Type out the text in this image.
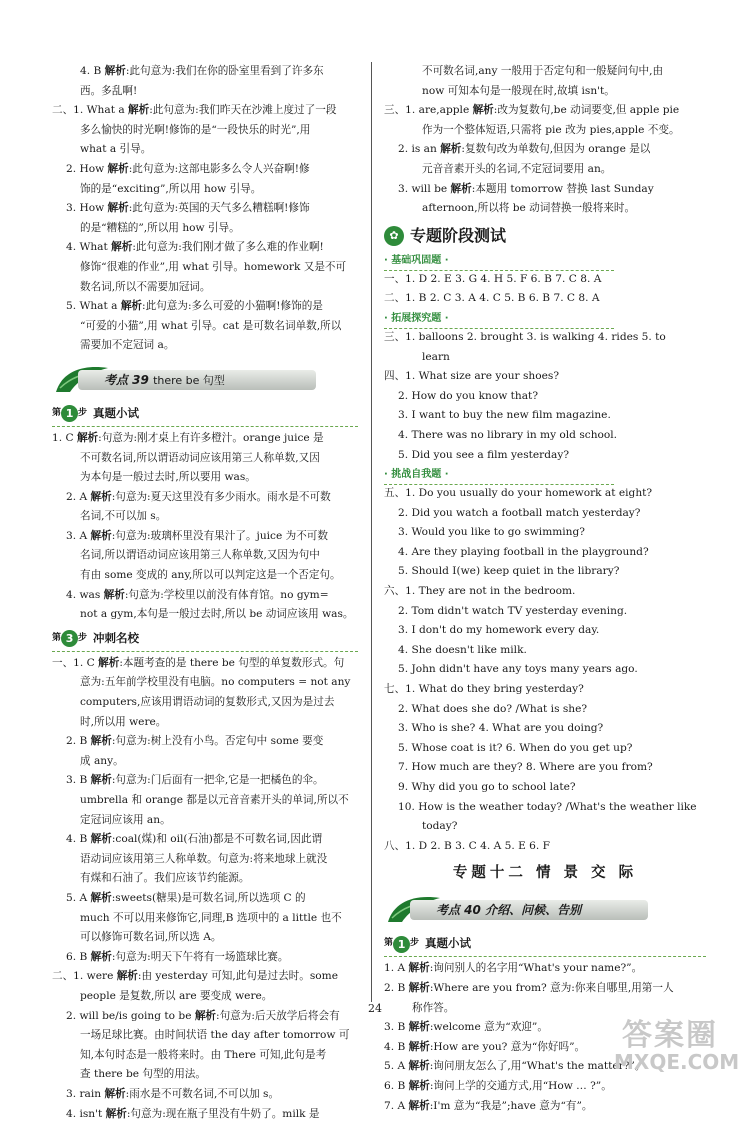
4. B 解析:此句意为:我们在你的卧室里看到了许多东
西。多乱啊!
二、1. What a 解析:此句意为:我们昨天在沙滩上度过了一段
多么愉快的时光啊!修饰的是“一段快乐的时光”,用
what a 引导。
2. How 解析:此句意为:这部电影多么令人兴奋啊!修
饰的是“exciting”,所以用 how 引导。
3. How 解析:此句意为:英国的天气多么糟糕啊!修饰
的是“糟糕的”,所以用 how 引导。
4. What 解析:此句意为:我们刚才做了多么难的作业啊!
修饰“很难的作业”,用 what 引导。homework 又是不可
数名词,所以不需要加冠词。
5. What a 解析:此句意为:多么可爱的小猫啊!修饰的是
“可爱的小猫”,用 what 引导。cat 是可数名词单数,所以
需要加不定冠词 a。
考点 39 there be 句型
第 1 步 真题小试
1. C 解析:句意为:刚才桌上有许多橙汁。orange juice 是
不可数名词,所以谓语动词应该用第三人称单数,又因
为本句是一般过去时,所以要用 was。
2. A 解析:句意为:夏天这里没有多少雨水。雨水是不可数
名词,不可以加 s。
3. A 解析:句意为:玻璃杯里没有果汁了。juice 为不可数
名词,所以谓语动词应该用第三人称单数,又因为句中
有由 some 变成的 any,所以可以判定这是一个否定句。
4. was 解析:句意为:学校里以前没有体育馆。no gym=
not a gym,本句是一般过去时,所以 be 动词应该用 was。
第 3 步 冲刺名校
一、1. C 解析:本题考查的是 there be 句型的单复数形式。句
意为:五年前学校里没有电脑。no computers = not any
computers,应该用谓语动词的复数形式,又因为是过去
时,所以用 were。
2. B 解析:句意为:树上没有小鸟。否定句中 some 要变
成 any。
3. B 解析:句意为:门后面有一把伞,它是一把橘色的伞。
umbrella 和 orange 都是以元音音素开头的单词,所以不
定冠词应该用 an。
4. B 解析:coal(煤)和 oil(石油)都是不可数名词,因此谓
语动词应该用第三人称单数。句意为:将来地球上就没
有煤和石油了。我们应该节约能源。
5. A 解析:sweets(糖果)是可数名词,所以选项 C 的
much 不可以用来修饰它,同理,B 选项中的 a little 也不
可以修饰可数名词,所以选 A。
6. B 解析:句意为:明天下午将有一场篮球比赛。
二、1. were 解析:由 yesterday 可知,此句是过去时。some
people 是复数,所以 are 要变成 were。
2. will be/is going to be 解析:句意为:后天放学后将会有
一场足球比赛。由时间状语 the day after tomorrow 可
知,本句时态是一般将来时。由 There 可知,此句是考
查 there be 句型的用法。
3. rain 解析:雨水是不可数名词,不可以加 s。
4. isn't 解析:句意为:现在瓶子里没有牛奶了。milk 是
不可数名词,any 一般用于否定句和一般疑问句中,由
now 可知本句是一般现在时,故填 isn't。
三、1. are,apple 解析:改为复数句,be 动词要变,但 apple pie
作为一个整体短语,只需将 pie 改为 pies,apple 不变。
2. is an 解析:复数句改为单数句,但因为 orange 是以
元音音素开头的名词,不定冠词要用 an。
3. will be 解析:本题用 tomorrow 替换 last Sunday
afternoon,所以将 be 动词替换一般将来时。
✿ 专题阶段测试
· 基础巩固题 ·
一、1. D 2. E 3. G 4. H 5. F 6. B 7. C 8. A
二、1. B 2. C 3. A 4. C 5. B 6. B 7. C 8. A
· 拓展探究题 ·
三、1. balloons 2. brought 3. is walking 4. rides 5. to
learn
四、1. What size are your shoes?
2. How do you know that?
3. I want to buy the new film magazine.
4. There was no library in my old school.
5. Did you see a film yesterday?
· 挑战自我题 ·
五、1. Do you usually do your homework at eight?
2. Did you watch a football match yesterday?
3. Would you like to go swimming?
4. Are they playing football in the playground?
5. Should I(we) keep quiet in the library?
六、1. They are not in the bedroom.
2. Tom didn't watch TV yesterday evening.
3. I don't do my homework every day.
4. She doesn't like milk.
5. John didn't have any toys many years ago.
七、1. What do they bring yesterday?
2. What does she do? /What is she?
3. Who is she? 4. What are you doing?
5. Whose coat is it? 6. When do you get up?
7. How much are they? 8. Where are you from?
9. Why did you go to school late?
10. How is the weather today? /What's the weather like
today?
八、1. D 2. B 3. C 4. A 5. E 6. F
专题十二 情 景 交 际
考点 40 介绍、问候、告别
第 1 步 真题小试
1. A 解析:询问别人的名字用“What's your name?”。
2. B 解析:Where are you from? 意为:你来自哪里,用第一人
称作答。
3. B 解析:welcome 意为“欢迎”。
4. B 解析:How are you? 意为“你好吗”。
5. A 解析:询问朋友怎么了,用“What's the matter?”。
6. B 解析:询问上学的交通方式,用“How … ?”。
7. A 解析:I'm 意为“我是”;have 意为“有”。
24
答案圈
MXQE.COM
